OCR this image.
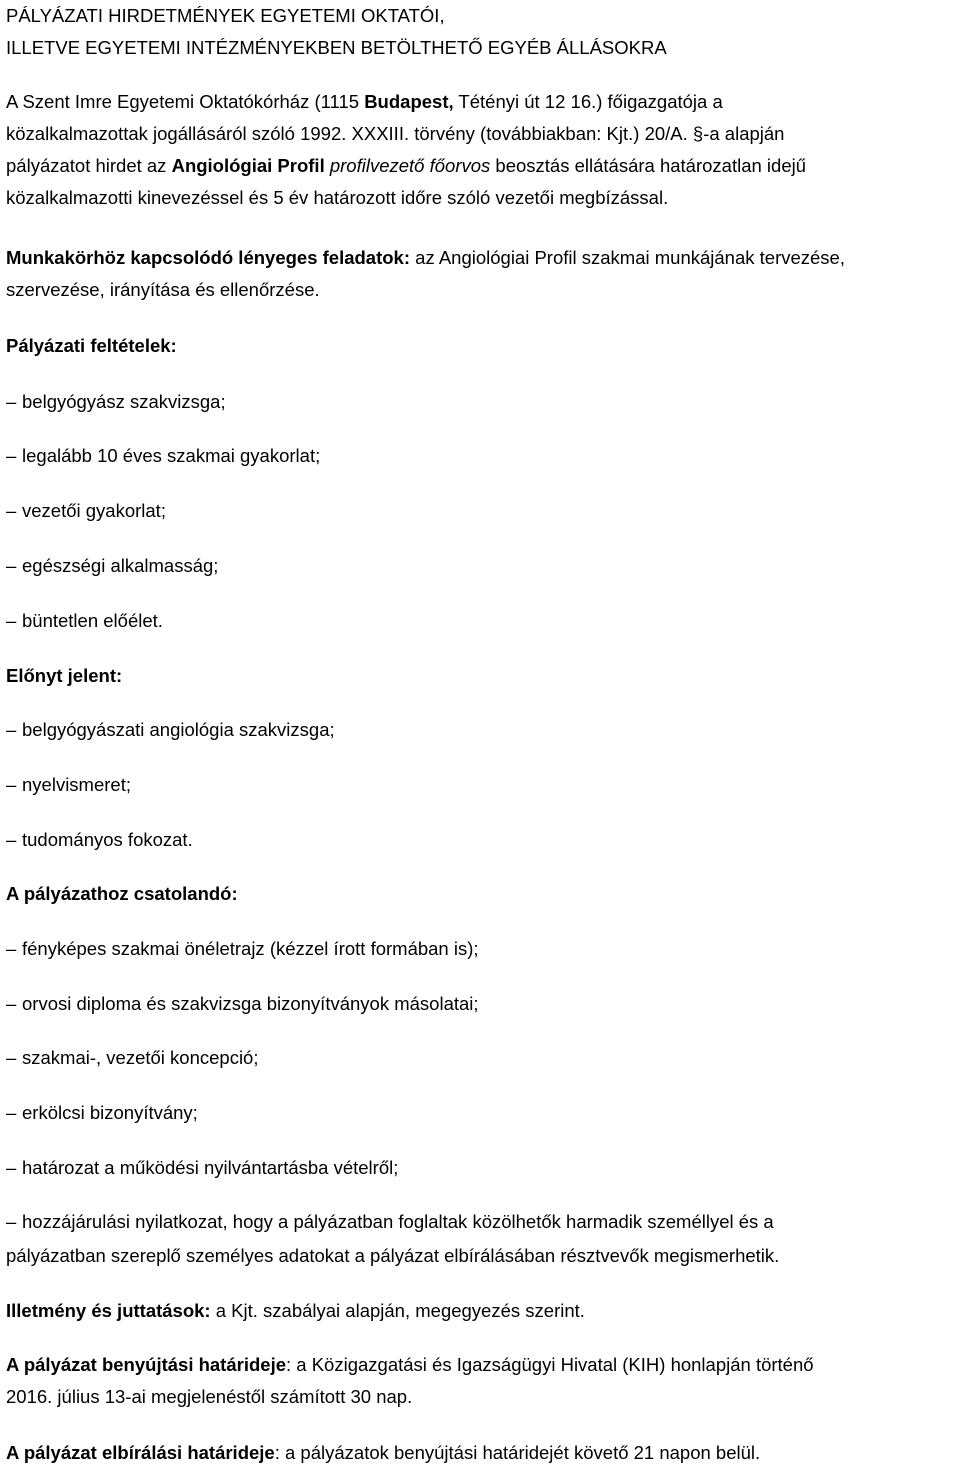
PÁLYÁZATI HIRDETMÉNYEK EGYETEMI OKTATÓI,
ILLETVE EGYETEMI INTÉZMÉNYEKBEN BETÖLTHETŐ EGYÉB ÁLLÁSOKRA
A Szent Imre Egyetemi Oktatókórház (1115 Budapest, Tétényi út 12 16.) főigazgatója a
közalkalmazottak jogállásáról szóló 1992. XXXIII. törvény (továbbiakban: Kjt.) 20/A. §-a alapján
pályázatot hirdet az Angiológiai Profil profilvezető főorvos beosztás ellátására határozatlan idejű
közalkalmazotti kinevezéssel és 5 év határozott időre szóló vezetői megbízással.
Munkakörhöz kapcsolódó lényeges feladatok: az Angiológiai Profil szakmai munkájának tervezése,
szervezése, irányítása és ellenőrzése.
Pályázati feltételek:
– belgyógyász szakvizsga;
– legalább 10 éves szakmai gyakorlat;
– vezetői gyakorlat;
– egészségi alkalmasság;
– büntetlen előélet.
Előnyt jelent:
– belgyógyászati angiológia szakvizsga;
– nyelvismeret;
– tudományos fokozat.
A pályázathoz csatolandó:
– fényképes szakmai önéletrajz (kézzel írott formában is);
– orvosi diploma és szakvizsga bizonyítványok másolatai;
– szakmai-, vezetői koncepció;
– erkölcsi bizonyítvány;
– határozat a működési nyilvántartásba vételről;
– hozzájárulási nyilatkozat, hogy a pályázatban foglaltak közölhetők harmadik személlyel és a
pályázatban szereplő személyes adatokat a pályázat elbírálásában résztvevők megismerhetik.
Illetmény és juttatások: a Kjt. szabályai alapján, megegyezés szerint.
A pályázat benyújtási határideje: a Közigazgatási és Igazságügyi Hivatal (KIH) honlapján történő
2016. július 13-ai megjelenéstől számított 30 nap.
A pályázat elbírálási határideje: a pályázatok benyújtási határidejét követő 21 napon belül.
